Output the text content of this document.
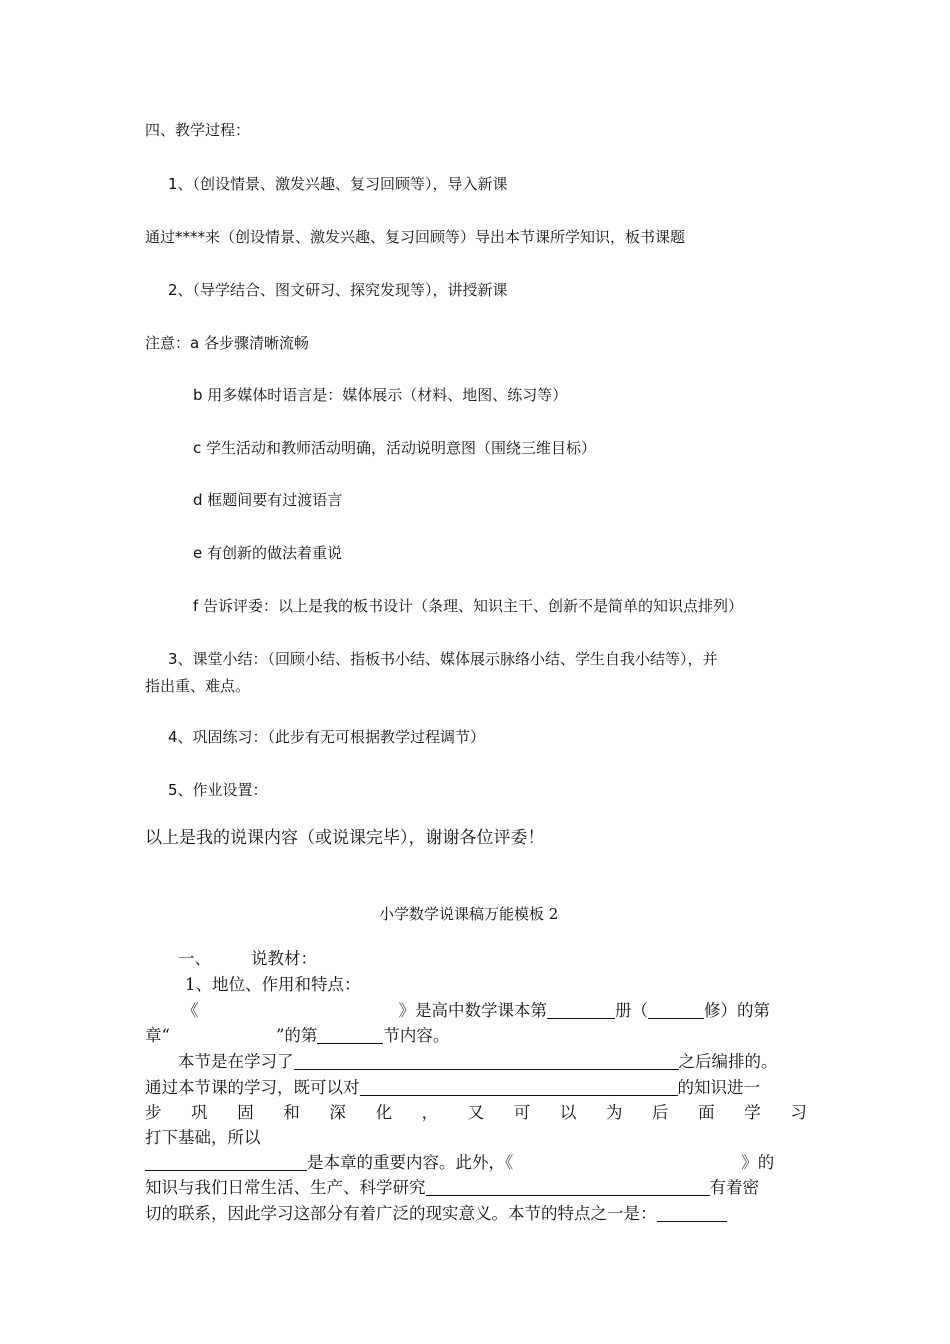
四、教学过程：
1、（创设情景、激发兴趣、复习回顾等），导入新课
通过****来（创设情景、激发兴趣、复习回顾等）导出本节课所学知识，板书课题
2、（导学结合、图文研习、探究发现等），讲授新课
注意：a 各步骤清晰流畅
b 用多媒体时语言是：媒体展示（材料、地图、练习等）
c 学生活动和教师活动明确，活动说明意图（围绕三维目标）
d 框题间要有过渡语言
e 有创新的做法着重说
f 告诉评委：以上是我的板书设计（条理、知识主干、创新不是简单的知识点排列）
3、课堂小结：（回顾小结、指板书小结、媒体展示脉络小结、学生自我小结等），并
指出重、难点。
4、巩固练习：（此步有无可根据教学过程调节）
5、作业设置：
以上是我的说课内容（或说课完毕），谢谢各位评委！
小学数学说课稿万能模板 2
一、 说教材：
1、地位、作用和特点：
《	》是高中数学课本第	册（	修）的第
章“	”的第	节内容。
本节是在学习了	之后编排的。
通过本节课的学习，既可以对	的知识进一
步 巩 固 和 深 化 ， 又 可 以 为 后 面 学 习
打下基础，所以
是本章的重要内容。此外，《	》的
知识与我们日常生活、生产、科学研究	有着密
切的联系，因此学习这部分有着广泛的现实意义。本节的特点之一是：
